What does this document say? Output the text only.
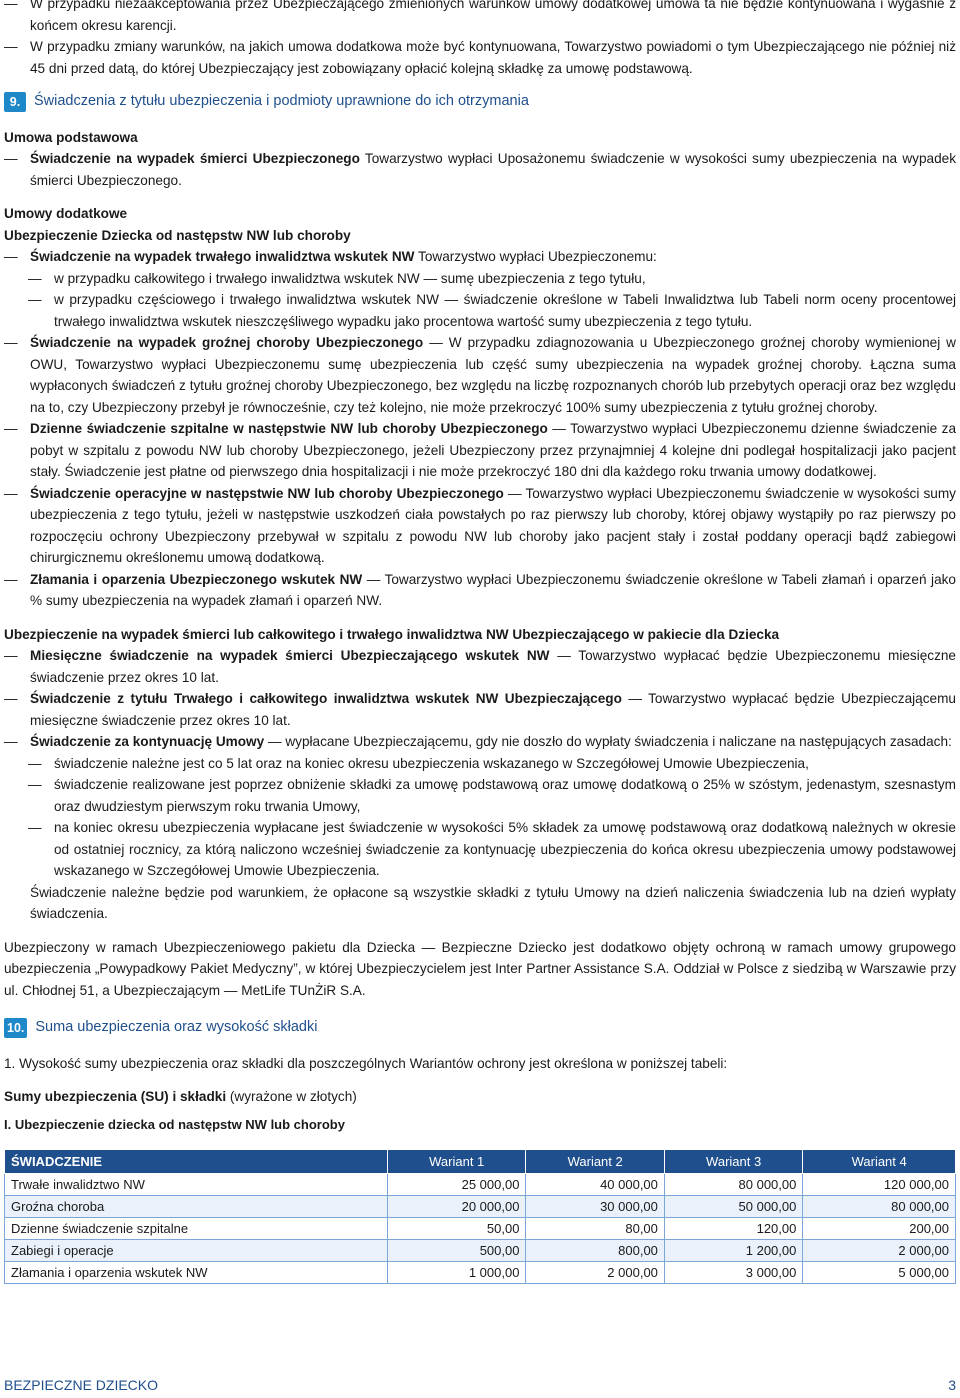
— W przypadku niezaakceptowania przez Ubezpieczającego zmienionych warunków umowy dodatkowej umowa ta nie będzie kontynuowana i wygaśnie z końcem okresu karencji.
— W przypadku zmiany warunków, na jakich umowa dodatkowa może być kontynuowana, Towarzystwo powiadomi o tym Ubezpieczającego nie później niż 45 dni przed datą, do której Ubezpieczający jest zobowiązany opłacić kolejną składkę za umowę podstawową.
9. Świadczenia z tytułu ubezpieczenia i podmioty uprawnione do ich otrzymania
Umowa podstawowa
— Świadczenie na wypadek śmierci Ubezpieczonego Towarzystwo wypłaci Uposażonemu świadczenie w wysokości sumy ubezpieczenia na wypadek śmierci Ubezpieczonego.
Umowy dodatkowe
Ubezpieczenie Dziecka od następstw NW lub choroby
— Świadczenie na wypadek trwałego inwalidztwa wskutek NW Towarzystwo wypłaci Ubezpieczonemu:
— w przypadku całkowitego i trwałego inwalidztwa wskutek NW — sumę ubezpieczenia z tego tytułu,
— w przypadku częściowego i trwałego inwalidztwa wskutek NW — świadczenie określone w Tabeli Inwalidztwa lub Tabeli norm oceny procentowej trwałego inwalidztwa wskutek nieszczęśliwego wypadku jako procentowa wartość sumy ubezpieczenia z tego tytułu.
— Świadczenie na wypadek groźnej choroby Ubezpieczonego — W przypadku zdiagnozowania u Ubezpieczonego groźnej choroby wymienionej w OWU, Towarzystwo wypłaci Ubezpieczonemu sumę ubezpieczenia lub część sumy ubezpieczenia na wypadek groźnej choroby. Łączna suma wypłaconych świadczeń z tytułu groźnej choroby Ubezpieczonego, bez względu na liczbę rozpoznanych chorób lub przebytych operacji oraz bez względu na to, czy Ubezpieczony przebył je równocześnie, czy też kolejno, nie może przekroczyć 100% sumy ubezpieczenia z tytułu groźnej choroby.
— Dzienne świadczenie szpitalne w następstwie NW lub choroby Ubezpieczonego — Towarzystwo wypłaci Ubezpieczonemu dzienne świadczenie za pobyt w szpitalu z powodu NW lub choroby Ubezpieczonego, jeżeli Ubezpieczony przez przynajmniej 4 kolejne dni podlegał hospitalizacji jako pacjent stały. Świadczenie jest płatne od pierwszego dnia hospitalizacji i nie może przekroczyć 180 dni dla każdego roku trwania umowy dodatkowej.
— Świadczenie operacyjne w następstwie NW lub choroby Ubezpieczonego — Towarzystwo wypłaci Ubezpieczonemu świadczenie w wysokości sumy ubezpieczenia z tego tytułu, jeżeli w następstwie uszkodzeń ciała powstałych po raz pierwszy lub choroby, której objawy wystąpiły po raz pierwszy po rozpoczęciu ochrony Ubezpieczony przebywał w szpitalu z powodu NW lub choroby jako pacjent stały i został poddany operacji bądź zabiegowi chirurgicznemu określonemu umową dodatkową.
— Złamania i oparzenia Ubezpieczonego wskutek NW — Towarzystwo wypłaci Ubezpieczonemu świadczenie określone w Tabeli złamań i oparzeń jako % sumy ubezpieczenia na wypadek złamań i oparzeń NW.
Ubezpieczenie na wypadek śmierci lub całkowitego i trwałego inwalidztwa NW Ubezpieczającego w pakiecie dla Dziecka
— Miesięczne świadczenie na wypadek śmierci Ubezpieczającego wskutek NW — Towarzystwo wypłacać będzie Ubezpieczonemu miesięczne świadczenie przez okres 10 lat.
— Świadczenie z tytułu Trwałego i całkowitego inwalidztwa wskutek NW Ubezpieczającego — Towarzystwo wypłacać będzie Ubezpieczającemu miesięczne świadczenie przez okres 10 lat.
— Świadczenie za kontynuację Umowy — wypłacane Ubezpieczającemu, gdy nie doszło do wypłaty świadczenia i naliczane na następujących zasadach:
— świadczenie należne jest co 5 lat oraz na koniec okresu ubezpieczenia wskazanego w Szczegółowej Umowie Ubezpieczenia,
— świadczenie realizowane jest poprzez obniżenie składki za umowę podstawową oraz umowę dodatkową o 25% w szóstym, jedenastym, szesnastym oraz dwudziestym pierwszym roku trwania Umowy,
— na koniec okresu ubezpieczenia wypłacane jest świadczenie w wysokości 5% składek za umowę podstawową oraz dodatkową należnych w okresie od ostatniej rocznicy, za którą naliczono wcześniej świadczenie za kontynuację ubezpieczenia do końca okresu ubezpieczenia umowy podstawowej wskazanego w Szczegółowej Umowie Ubezpieczenia.
Świadczenie należne będzie pod warunkiem, że opłacone są wszystkie składki z tytułu Umowy na dzień naliczenia świadczenia lub na dzień wypłaty świadczenia.
Ubezpieczony w ramach Ubezpieczeniowego pakietu dla Dziecka — Bezpieczne Dziecko jest dodatkowo objęty ochroną w ramach umowy grupowego ubezpieczenia „Powypadkowy Pakiet Medyczny”, w której Ubezpieczycielem jest Inter Partner Assistance S.A. Oddział w Polsce z siedzibą w Warszawie przy ul. Chłodnej 51, a Ubezpieczającym — MetLife TUnŻiR S.A.
10. Suma ubezpieczenia oraz wysokość składki
1. Wysokość sumy ubezpieczenia oraz składki dla poszczególnych Wariantów ochrony jest określona w poniższej tabeli:
Sumy ubezpieczenia (SU) i składki (wyrażone w złotych)
I. Ubezpieczenie dziecka od następstw NW lub choroby
ŚWIADCZENIE	Wariant 1	Wariant 2	Wariant 3	Wariant 4
Trwałe inwalidztwo NW	25 000,00	40 000,00	80 000,00	120 000,00
Groźna choroba	20 000,00	30 000,00	50 000,00	80 000,00
Dzienne świadczenie szpitalne	50,00	80,00	120,00	200,00
Zabiegi i operacje	500,00	800,00	1 200,00	2 000,00
Złamania i oparzenia wskutek NW	1 000,00	2 000,00	3 000,00	5 000,00
BEZPIECZNE DZIECKO	3
